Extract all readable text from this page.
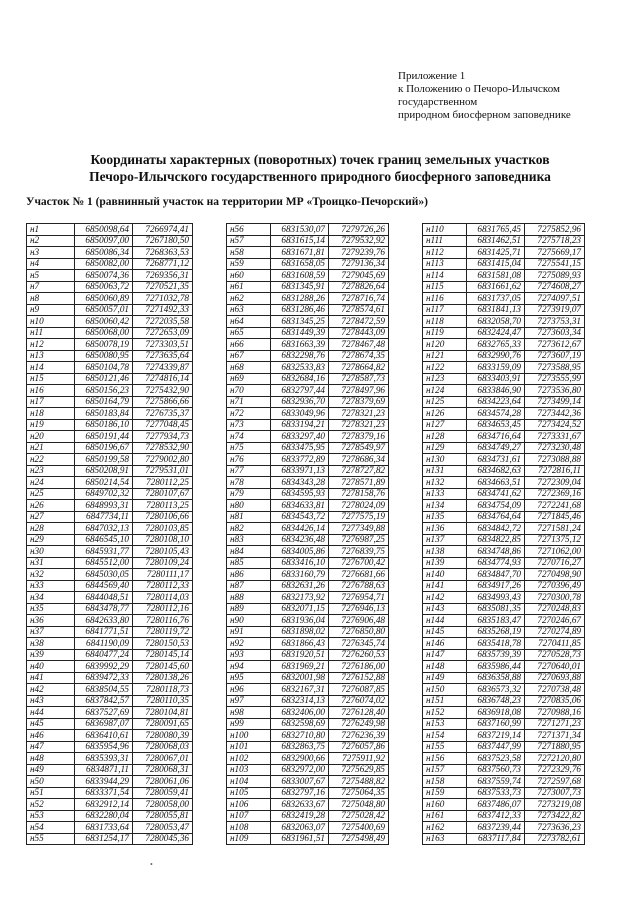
Приложение 1
к Положению о Печоро-Илычском
государственном
природном биосферном заповеднике
Координаты характерных (поворотных) точек границ земельных участков
Печоро-Илычского государственного природного биосферного заповедника
Участок № 1 (равнинный участок на территории МР «Троицко-Печорский»)
н1	6850098,64	7266974,41
н2	6850097,00	7267180,50
н3	6850086,34	7268363,53
н4	6850082,00	7268771,12
н5	6850074,36	7269356,31
н7	6850063,72	7270521,35
н8	6850060,89	7271032,78
н9	6850057,01	7271492,33
н10	6850060,42	7272035,58
н11	6850068,00	7272653,09
н12	6850078,19	7273303,51
н13	6850080,95	7273635,64
н14	6850104,78	7274339,87
н15	6850121,46	7274816,14
н16	6850156,23	7275432,90
н17	6850164,79	7275866,66
н18	6850183,84	7276735,37
н19	6850186,10	7277048,45
н20	6850191,44	7277934,73
н21	6850196,67	7278532,90
н22	6850199,58	7279002,80
н23	6850208,91	7279531,01
н24	6850214,54	7280112,25
н25	6849702,32	7280107,67
н26	6848993,31	7280113,25
н27	6847734,11	7280106,66
н28	6847032,13	7280103,85
н29	6846545,10	7280108,10
н30	6845931,77	7280105,43
н31	6845512,00	7280109,24
н32	6845030,05	7280111,17
н33	6844569,40	7280112,33
н34	6844048,51	7280114,03
н35	6843478,77	7280112,16
н36	6842633,80	7280116,76
н37	6841771,51	7280119,72
н38	6841190,09	7280150,53
н39	6840477,24	7280145,14
н40	6839992,29	7280145,60
н41	6839472,33	7280138,26
н42	6838504,55	7280118,73
н43	6837842,57	7280110,35
н44	6837527,69	7280104,81
н45	6836987,07	7280091,65
н46	6836410,61	7280080,39
н47	6835954,96	7280068,03
н48	6835393,31	7280067,01
н49	6834871,11	7280068,31
н50	6833944,29	7280061,06
н51	6833371,54	7280059,41
н52	6832912,14	7280058,00
н53	6832280,04	7280055,81
н54	6831733,64	7280053,47
н55	6831254,17	7280045,36
н56	6831530,07	7279726,26
н57	6831615,14	7279532,92
н58	6831671,81	7279239,76
н59	6831658,05	7279136,34
н60	6831608,59	7279045,69
н61	6831345,91	7278826,64
н62	6831288,26	7278716,74
н63	6831286,46	7278574,61
н64	6831345,25	7278472,59
н65	6831449,39	7278443,09
н66	6831663,39	7278467,48
н67	6832298,76	7278674,35
н68	6832533,83	7278664,82
н69	6832684,16	7278587,73
н70	6832797,44	7278497,96
н71	6832936,70	7278379,69
н72	6833049,96	7278321,23
н73	6833194,21	7278321,23
н74	6833297,40	7278379,16
н75	6833475,95	7278549,97
н76	6833772,89	7278686,34
н77	6833971,13	7278727,82
н78	6834343,28	7278571,89
н79	6834595,93	7278158,76
н80	6834633,81	7278024,09
н81	6834543,72	7277575,19
н82	6834426,14	7277349,88
н83	6834236,48	7276987,25
н84	6834005,86	7276839,75
н85	6833416,10	7276700,42
н86	6833160,79	7276681,66
н87	6832631,26	7276788,63
н88	6832173,92	7276954,71
н89	6832071,15	7276946,13
н90	6831936,04	7276906,48
н91	6831898,02	7276850,80
н92	6831866,43	7276345,74
н93	6831920,51	7276260,53
н94	6831969,21	7276186,00
н95	6832001,98	7276152,88
н96	6832167,31	7276087,85
н97	6832314,13	7276074,02
н98	6832406,00	7276128,40
н99	6832598,69	7276249,98
н100	6832710,80	7276236,39
н101	6832863,75	7276057,86
н102	6832900,66	7275911,92
н103	6832972,00	7275629,85
н104	6833007,67	7275488,82
н105	6832797,16	7275064,35
н106	6832633,67	7275048,80
н107	6832419,28	7275028,42
н108	6832063,07	7275400,69
н109	6831961,51	7275498,49
н110	6831765,45	7275852,96
н111	6831462,51	7275718,23
н112	6831425,71	7275669,17
н113	6831415,04	7275541,15
н114	6831581,08	7275089,93
н115	6831661,62	7274608,27
н116	6831737,05	7274097,51
н117	6831841,13	7273919,07
н118	6832058,70	7273753,31
н119	6832424,47	7273603,34
н120	6832765,33	7273612,67
н121	6832990,76	7273607,19
н122	6833159,09	7273588,95
н123	6833403,91	7273555,99
н124	6833846,90	7273536,80
н125	6834223,64	7273499,14
н126	6834574,28	7273442,36
н127	6834653,45	7273424,52
н128	6834716,64	7273331,67
н129	6834749,27	7273230,48
н130	6834731,61	7273088,88
н131	6834682,63	7272816,11
н132	6834663,51	7272309,04
н133	6834741,62	7272369,16
н134	6834754,09	7272241,68
н135	6834764,64	7271845,46
н136	6834842,72	7271581,24
н137	6834822,85	7271375,12
н138	6834748,86	7271062,00
н139	6834774,93	7270716,27
н140	6834847,70	7270498,90
н141	6834917,26	7270396,49
н142	6834993,43	7270300,78
н143	6835081,35	7270248,83
н144	6835183,47	7270246,67
н145	6835268,19	7270274,89
н146	6835418,78	7270411,85
н147	6835739,39	7270528,73
н148	6835986,44	7270640,01
н149	6836358,88	7270693,88
н150	6836573,32	7270738,48
н151	6836748,23	7270835,06
н152	6836918,08	7270988,16
н153	6837160,99	7271271,23
н154	6837219,14	7271371,34
н155	6837447,99	7271880,95
н156	6837523,58	7272120,80
н157	6837560,73	7272329,76
н158	6837559,74	7272597,68
н159	6837533,73	7273007,73
н160	6837486,07	7273219,08
н161	6837412,33	7273422,82
н162	6837239,44	7273636,23
н163	6837117,84	7273782,61
•
